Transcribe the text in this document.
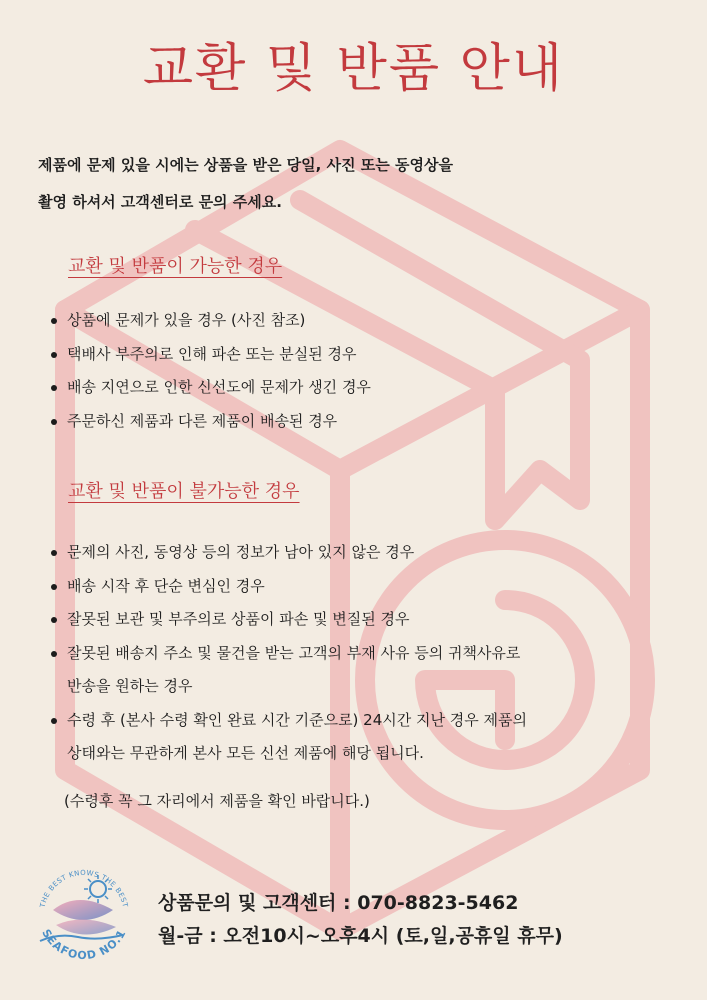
교환 및 반품 안내

제품에 문제 있을 시에는 상품을 받은 당일, 사진 또는 동영상을

촬영 하셔서 고객센터로 문의 주세요.

교환 및 반품이 가능한 경우
상품에 문제가 있을 경우 (사진 참조)
택배사 부주의로 인해 파손 또는 분실된 경우
배송 지연으로 인한 신선도에 문제가 생긴 경우
주문하신 제품과 다른 제품이 배송된 경우
교환 및 반품이 불가능한 경우
문제의 사진, 동영상 등의 정보가 남아 있지 않은 경우
배송 시작 후 단순 변심인 경우
잘못된 보관 및 부주의로 상품이 파손 및 변질된 경우
잘못된 배송지 주소 및 물건을 받는 고객의 부재 사유 등의 귀책사유로
반송을 원하는 경우
수령 후 (본사 수령 확인 완료 시간 기준으로) 24시간 지난 경우 제품의
상태와는 무관하게 본사 모든 신선 제품에 해당 됩니다.
(수령후 꼭 그 자리에서 제품을 확인 바랍니다.)
THE BEST KNOWS THE BEST
SEAFOOD NO.1

상품문의 및 고객센터 : 070-8823-5462

월-금 : 오전10시~오후4시 (토,일,공휴일 휴무)
